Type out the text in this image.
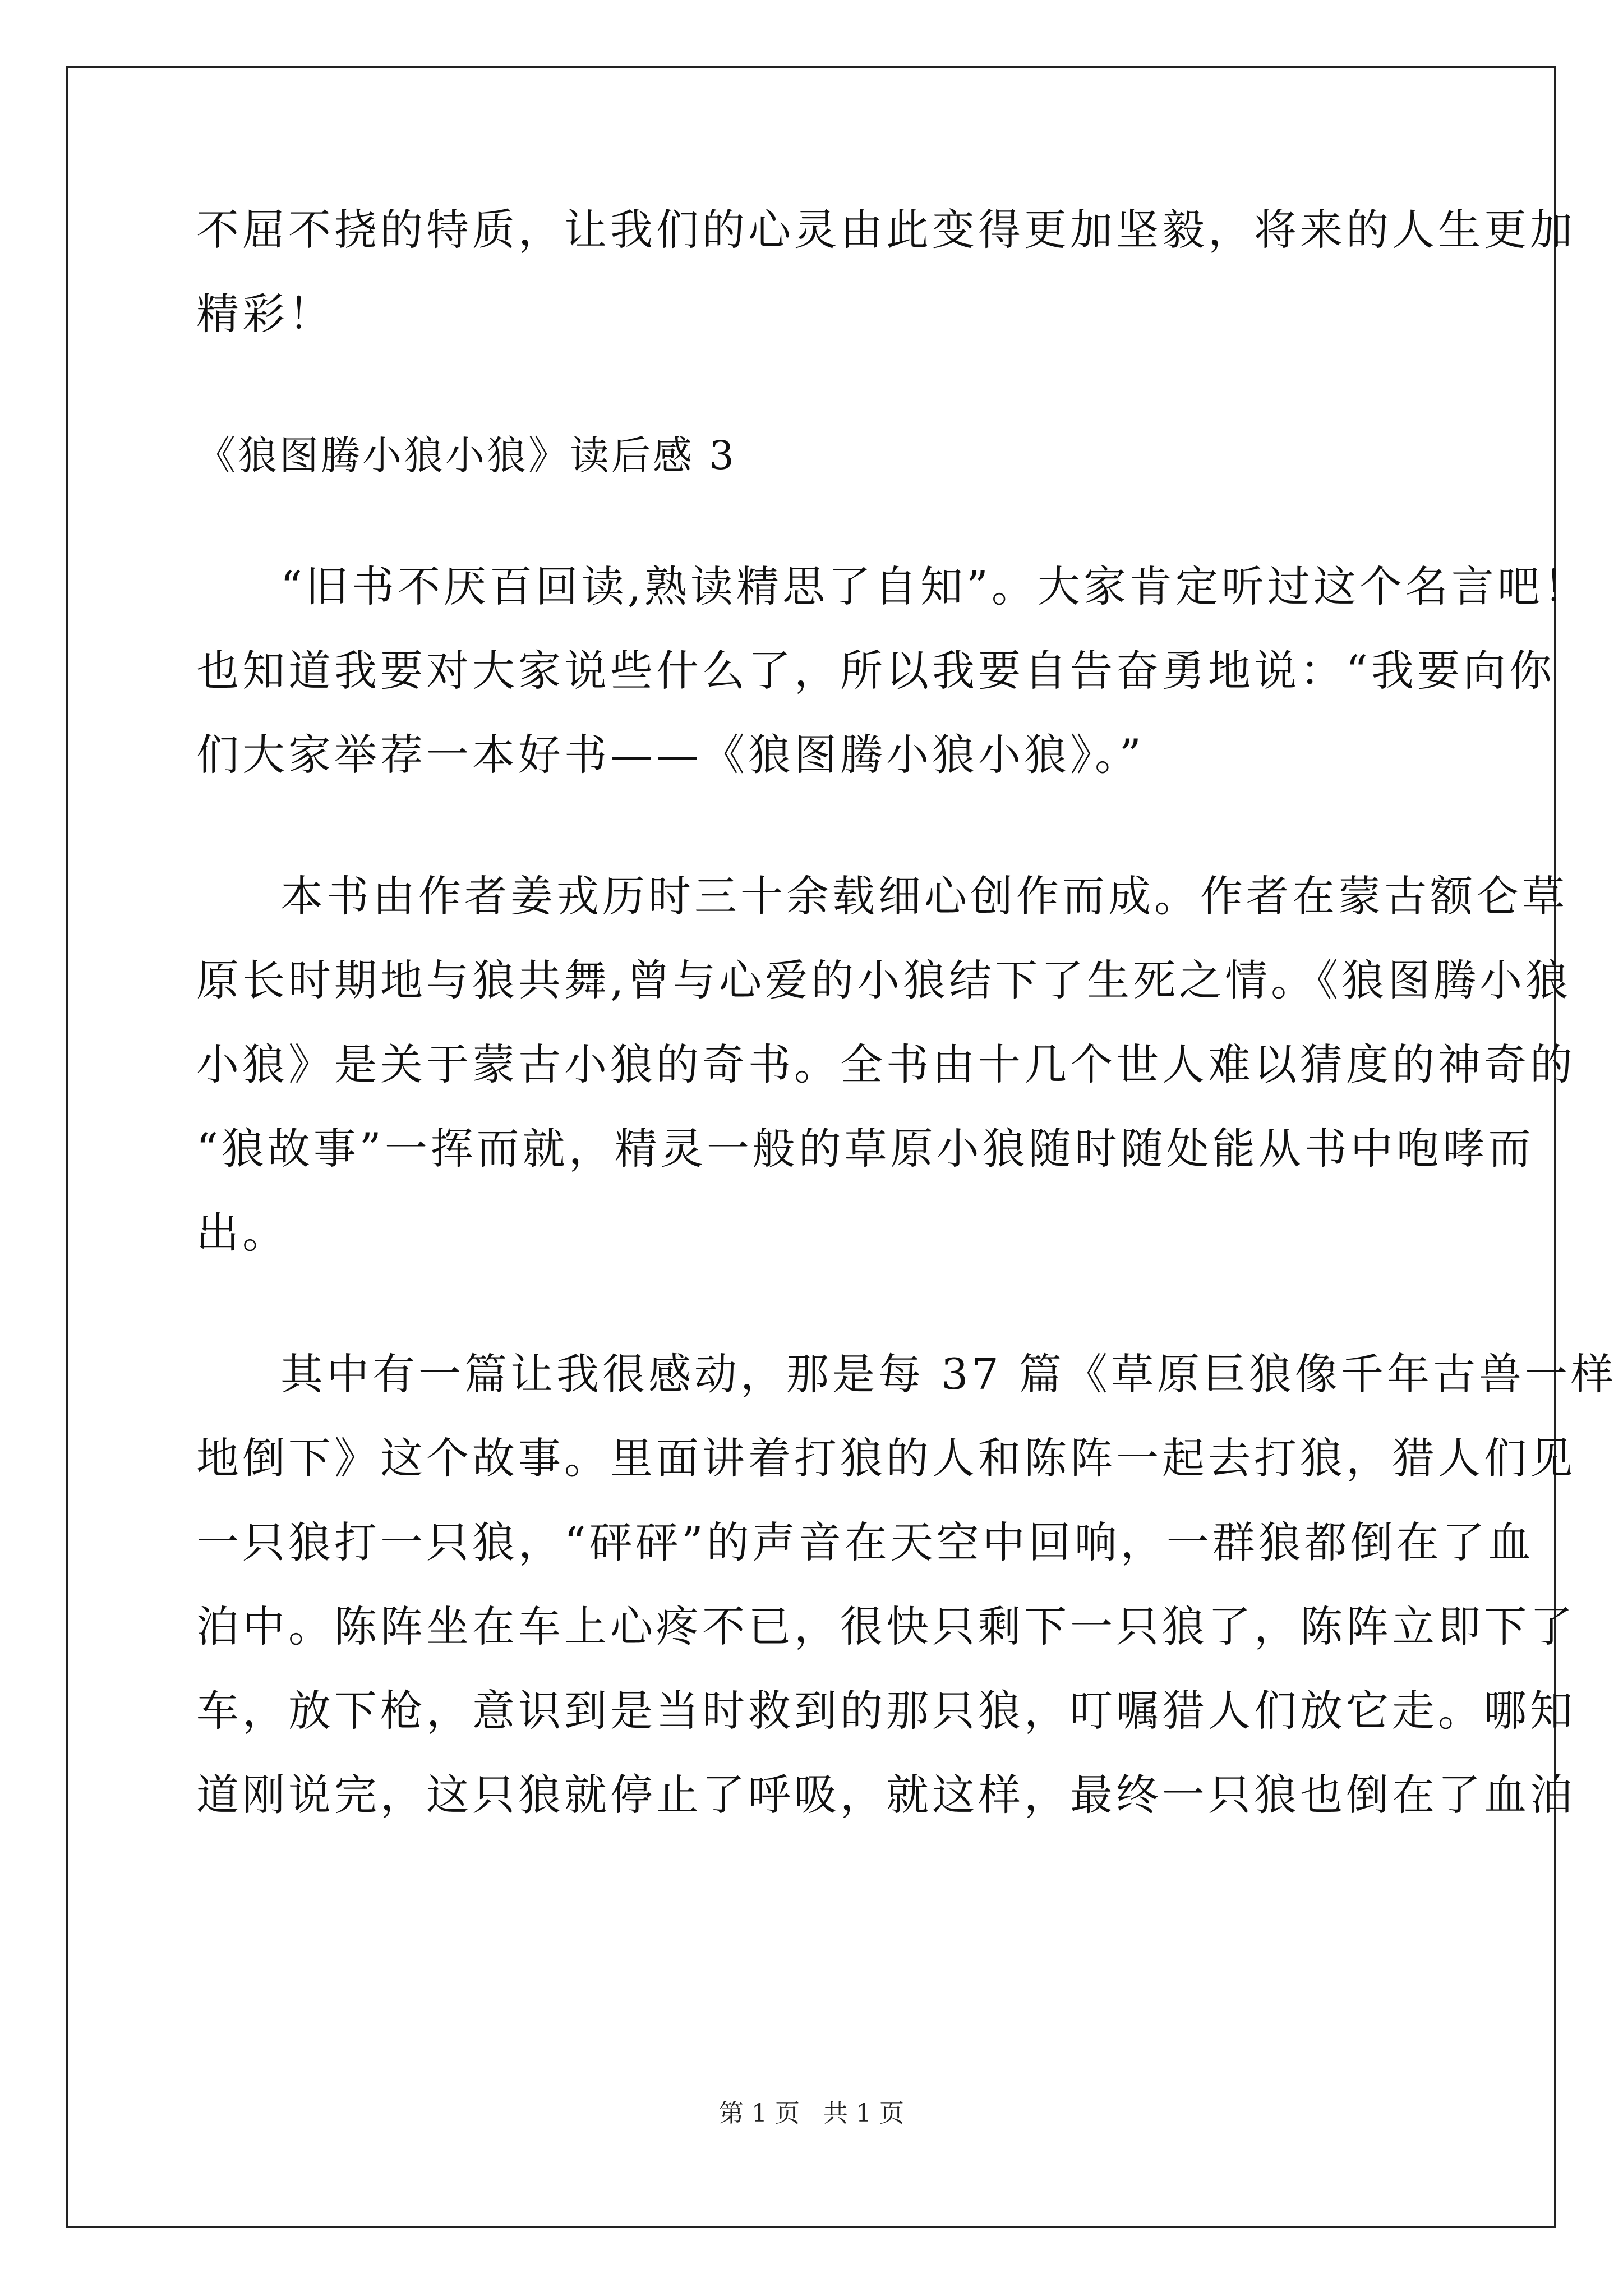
不屈不挠的特质，让我们的心灵由此变得更加坚毅，将来的人生更加
精彩！
《狼图腾小狼小狼》读后感 3
“旧书不厌百回读,熟读精思了自知”。大家肯定听过这个名言吧！
也知道我要对大家说些什么了，所以我要自告奋勇地说：“我要向你
们大家举荐一本好书——《狼图腾小狼小狼》。”
本书由作者姜戎历时三十余载细心创作而成。作者在蒙古额仑草
原长时期地与狼共舞,曾与心爱的小狼结下了生死之情。《狼图腾小狼
小狼》是关于蒙古小狼的奇书。全书由十几个世人难以猜度的神奇的
“狼故事”一挥而就，精灵一般的草原小狼随时随处能从书中咆哮而
出。
其中有一篇让我很感动，那是每 37 篇《草原巨狼像千年古兽一样
地倒下》这个故事。里面讲着打狼的人和陈阵一起去打狼，猎人们见
一只狼打一只狼，“砰砰”的声音在天空中回响，一群狼都倒在了血
泊中。陈阵坐在车上心疼不已，很快只剩下一只狼了，陈阵立即下了
车，放下枪，意识到是当时救到的那只狼，叮嘱猎人们放它走。哪知
道刚说完，这只狼就停止了呼吸，就这样，最终一只狼也倒在了血泊
第 1 页 共 1 页
